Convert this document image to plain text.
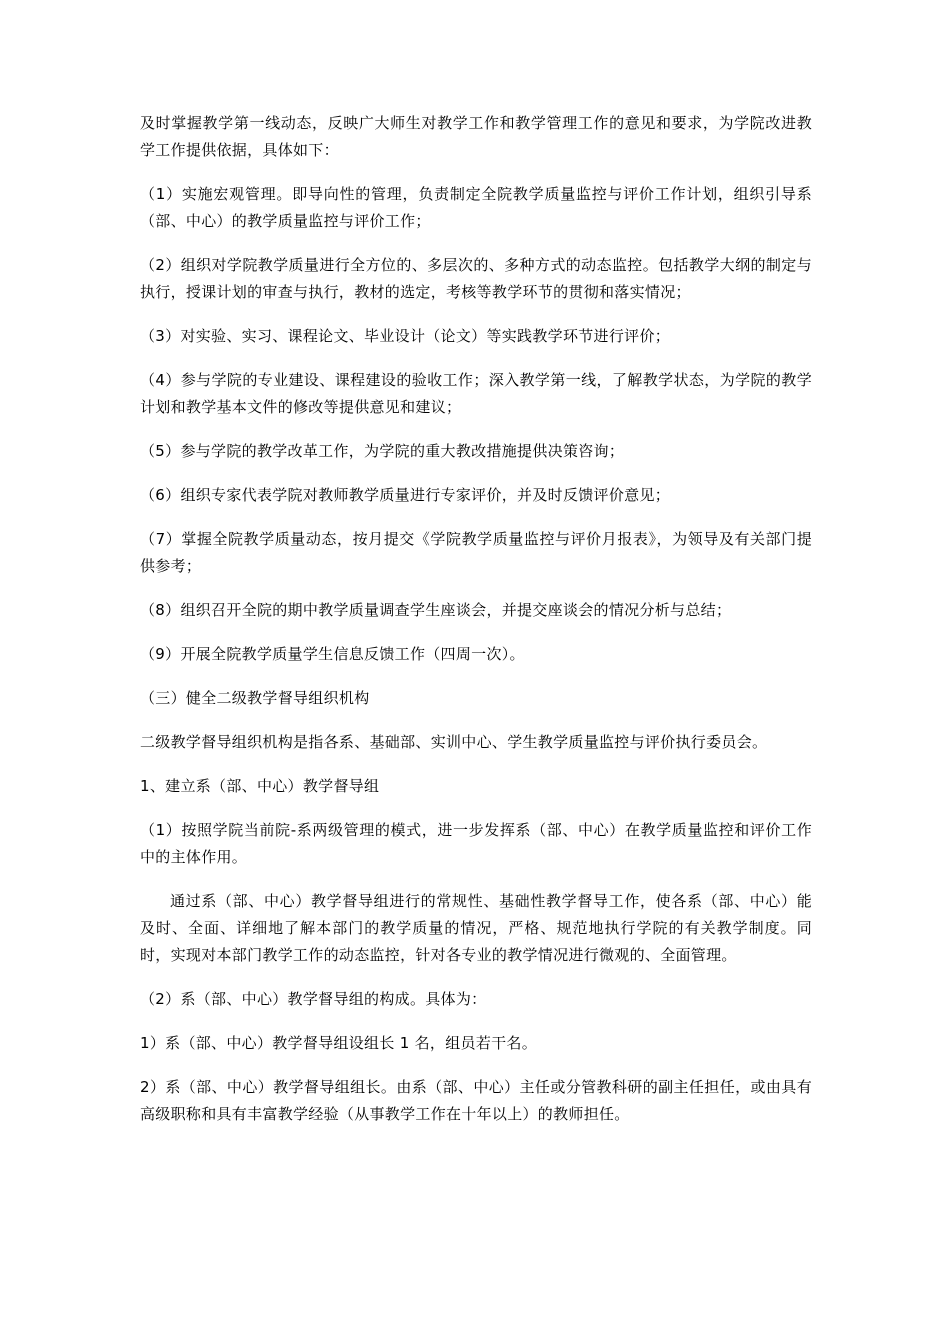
及时掌握教学第一线动态，反映广大师生对教学工作和教学管理工作的意见和要求，为学院改进教学工作提供依据，具体如下：

（1）实施宏观管理。即导向性的管理，负责制定全院教学质量监控与评价工作计划，组织引导系（部、中心）的教学质量监控与评价工作；

（2）组织对学院教学质量进行全方位的、多层次的、多种方式的动态监控。包括教学大纲的制定与执行，授课计划的审查与执行，教材的选定，考核等教学环节的贯彻和落实情况；

（3）对实验、实习、课程论文、毕业设计（论文）等实践教学环节进行评价；

（4）参与学院的专业建设、课程建设的验收工作；深入教学第一线，了解教学状态，为学院的教学计划和教学基本文件的修改等提供意见和建议；

（5）参与学院的教学改革工作，为学院的重大教改措施提供决策咨询；

（6）组织专家代表学院对教师教学质量进行专家评价，并及时反馈评价意见；

（7）掌握全院教学质量动态，按月提交《学院教学质量监控与评价月报表》，为领导及有关部门提供参考；

（8）组织召开全院的期中教学质量调查学生座谈会，并提交座谈会的情况分析与总结；

（9）开展全院教学质量学生信息反馈工作（四周一次）。

（三）健全二级教学督导组织机构

二级教学督导组织机构是指各系、基础部、实训中心、学生教学质量监控与评价执行委员会。

1、建立系（部、中心）教学督导组

（1）按照学院当前院-系两级管理的模式，进一步发挥系（部、中心）在教学质量监控和评价工作中的主体作用。

通过系（部、中心）教学督导组进行的常规性、基础性教学督导工作，使各系（部、中心）能及时、全面、详细地了解本部门的教学质量的情况，严格、规范地执行学院的有关教学制度。同时，实现对本部门教学工作的动态监控，针对各专业的教学情况进行微观的、全面管理。

（2）系（部、中心）教学督导组的构成。具体为：

1）系（部、中心）教学督导组设组长 1 名，组员若干名。

2）系（部、中心）教学督导组组长。由系（部、中心）主任或分管教科研的副主任担任，或由具有高级职称和具有丰富教学经验（从事教学工作在十年以上）的教师担任。
